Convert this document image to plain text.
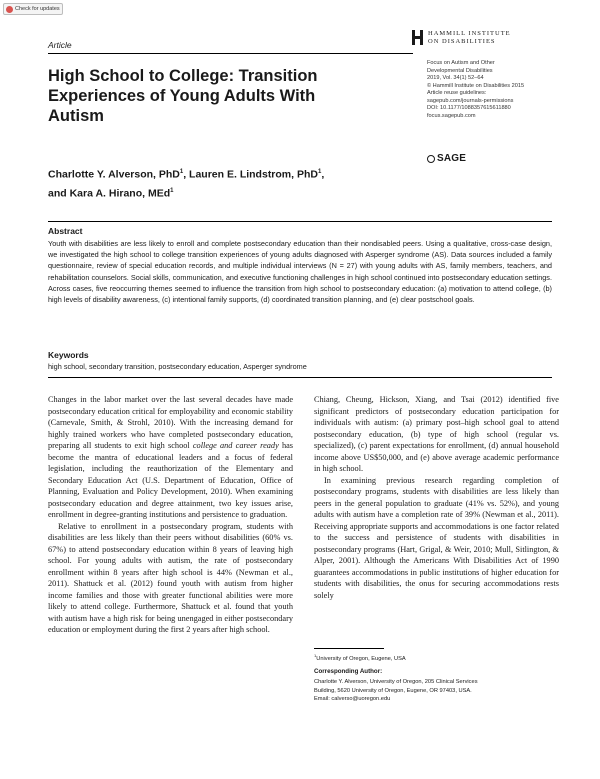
Check for updates
Article
HAMMILL INSTITUTE
ON DISABILITIES
Focus on Autism and Other
Developmental Disabilities
2019, Vol. 34(1) 52–64
© Hammill Institute on Disabilities 2015
Article reuse guidelines:
sagepub.com/journals-permissions
DOI: 10.1177/1088357615611880
focus.sagepub.com
SAGE
High School to College: Transition Experiences of Young Adults With Autism
Charlotte Y. Alverson, PhD$^1$, Lauren E. Lindstrom, PhD$^1$,
and Kara A. Hirano, MEd$^1$
Abstract
Youth with disabilities are less likely to enroll and complete postsecondary education than their nondisabled peers. Using a qualitative, cross-case design, we investigated the high school to college transition experiences of young adults diagnosed with Asperger syndrome (AS). Data sources included a family questionnaire, review of special education records, and multiple individual interviews (N = 27) with young adults with AS, family members, teachers, and rehabilitation counselors. Social skills, communication, and executive functioning challenges in high school continued into postsecondary education settings. Across cases, five reoccurring themes seemed to influence the transition from high school to postsecondary education: (a) motivation to attend college, (b) high levels of disability awareness, (c) intentional family supports, (d) coordinated transition planning, and (e) clear postschool goals.
Keywords
high school, secondary transition, postsecondary education, Asperger syndrome

Changes in the labor market over the last several decades have made postsecondary education critical for employability and economic stability (Carnevale, Smith, & Strohl, 2010). With the increasing demand for highly trained workers who have completed postsecondary education, preparing all students to exit high school college and career ready has become the mantra of educational leaders and a focus of federal legislation, including the reauthorization of the Elementary and Secondary Education Act (U.S. Department of Education, Office of Planning, Evaluation and Policy Development, 2010). When examining postsecondary education and degree attainment, two key issues arise, enrollment in degree-granting institutions and persistence to graduation.

Relative to enrollment in a postsecondary program, students with disabilities are less likely than their peers without disabilities (60% vs. 67%) to attend postsecondary education within 8 years of leaving high school. For young adults with autism, the rate of postsecondary enrollment within 8 years after high school is 44% (Newman et al., 2011). Shattuck et al. (2012) found youth with autism from higher income families and those with greater functional abilities were more likely to attend college. Furthermore, Shattuck et al. found that youth with autism have a high risk for being unengaged in either postsecondary education or employment during the first 2 years after high school.

Chiang, Cheung, Hickson, Xiang, and Tsai (2012) identified five significant predictors of postsecondary education participation for individuals with autism: (a) primary post–high school goal to attend postsecondary education, (b) type of high school (regular vs. specialized), (c) parent expectations for enrollment, (d) annual household income above US$50,000, and (e) above average academic performance in high school.

In examining previous research regarding completion of postsecondary programs, students with disabilities are less likely than peers in the general population to graduate (41% vs. 52%), and young adults with autism have a completion rate of 39% (Newman et al., 2011). Receiving appropriate supports and accommodations is one factor related to the success and persistence of students with disabilities in postsecondary programs (Hart, Grigal, & Weir, 2010; Mull, Sitlington, & Alper, 2001). Although the Americans With Disabilities Act of 1990 guarantees accommodations in public institutions of higher education for students with disabilities, the onus for securing accommodations rests solely

$^1$University of Oregon, Eugene, USA
Corresponding Author:
Charlotte Y. Alverson, University of Oregon, 205 Clinical Services
Building, 5620 University of Oregon, Eugene, OR 97403, USA.
Email: calverso@uoregon.edu
